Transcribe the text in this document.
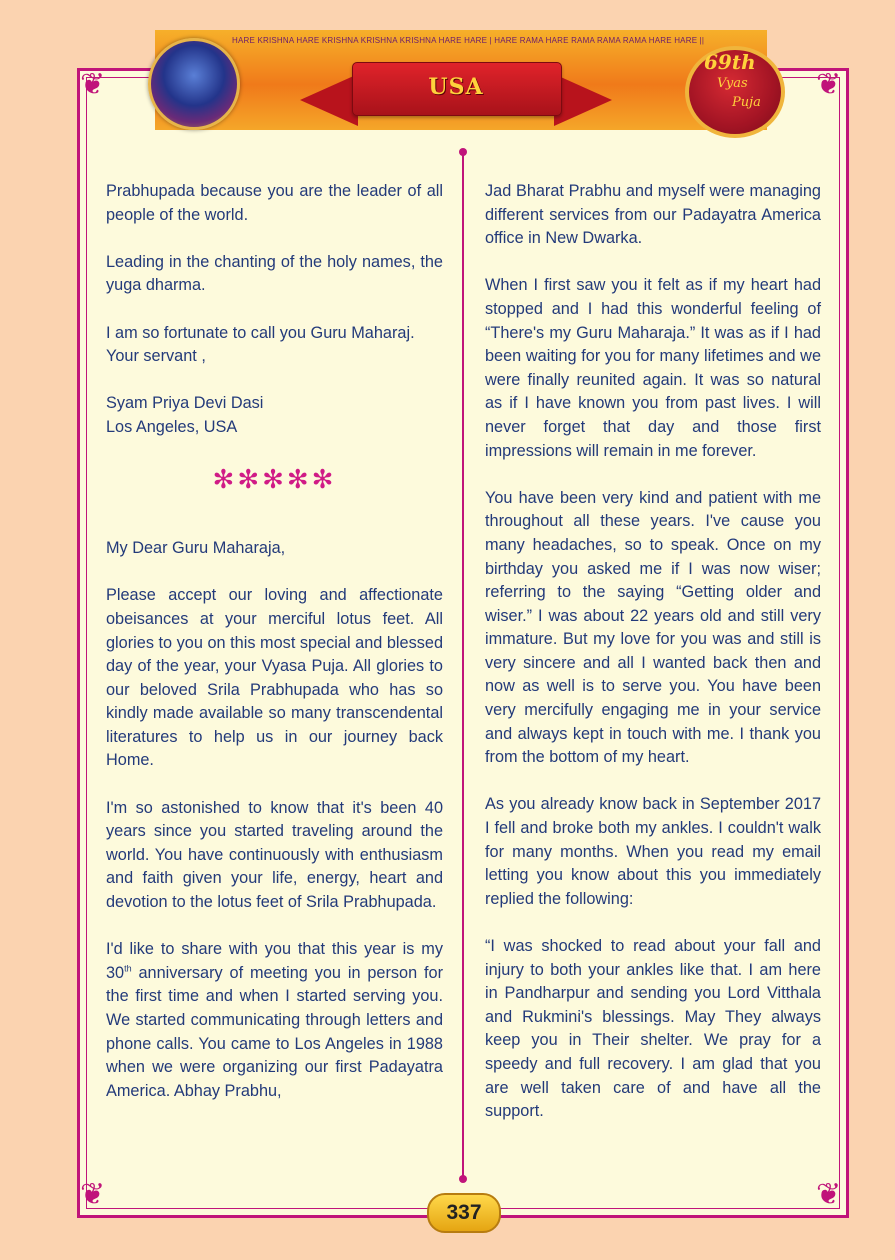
❦	❦
❦	❦
HARE KRISHNA HARE KRISHNA KRISHNA KRISHNA HARE HARE | HARE RAMA HARE RAMA RAMA RAMA HARE HARE ||
USA
69th
Vyas
Puja

Prabhupada because you are the leader of all people of the world.

Leading in the chanting of the holy names, the yuga dharma.

I am so fortunate to call you Guru Maharaj.
Your servant ,

Syam Priya Devi Dasi
Los Angeles, USA

✻✻✻✻✻

My Dear Guru Maharaja,

Please accept our loving and affectionate obeisances at your merciful lotus feet. All glories to you on this most special and blessed day of the year, your Vyasa Puja. All glories to our beloved Srila Prabhupada who has so kindly made available so many transcendental literatures to help us in our journey back Home.

I'm so astonished to know that it's been 40 years since you started traveling around the world. You have continuously with enthusiasm and faith given your life, energy, heart and devotion to the lotus feet of Srila Prabhupada.

I'd like to share with you that this year is my 30th anniversary of meeting you in person for the first time and when I started serving you. We started communicating through letters and phone calls. You came to Los Angeles in 1988 when we were organizing our first Padayatra America. Abhay Prabhu,

Jad Bharat Prabhu and myself were managing different services from our Padayatra America office in New Dwarka.

When I first saw you it felt as if my heart had stopped and I had this wonderful feeling of “There's my Guru Maharaja.” It was as if I had been waiting for you for many lifetimes and we were finally reunited again. It was so natural as if I have known you from past lives. I will never forget that day and those first impressions will remain in me forever.

You have been very kind and patient with me throughout all these years. I've cause you many headaches, so to speak. Once on my birthday you asked me if I was now wiser; referring to the saying “Getting older and wiser.” I was about 22 years old and still very immature. But my love for you was and still is very sincere and all I wanted back then and now as well is to serve you. You have been very mercifully engaging me in your service and always kept in touch with me. I thank you from the bottom of my heart.

As you already know back in September 2017 I fell and broke both my ankles. I couldn't walk for many months. When you read my email letting you know about this you immediately replied the following:

“I was shocked to read about your fall and injury to both your ankles like that. I am here in Pandharpur and sending you Lord Vitthala and Rukmini's blessings. May They always keep you in Their shelter. We pray for a speedy and full recovery. I am glad that you are well taken care of and have all the support.

337
